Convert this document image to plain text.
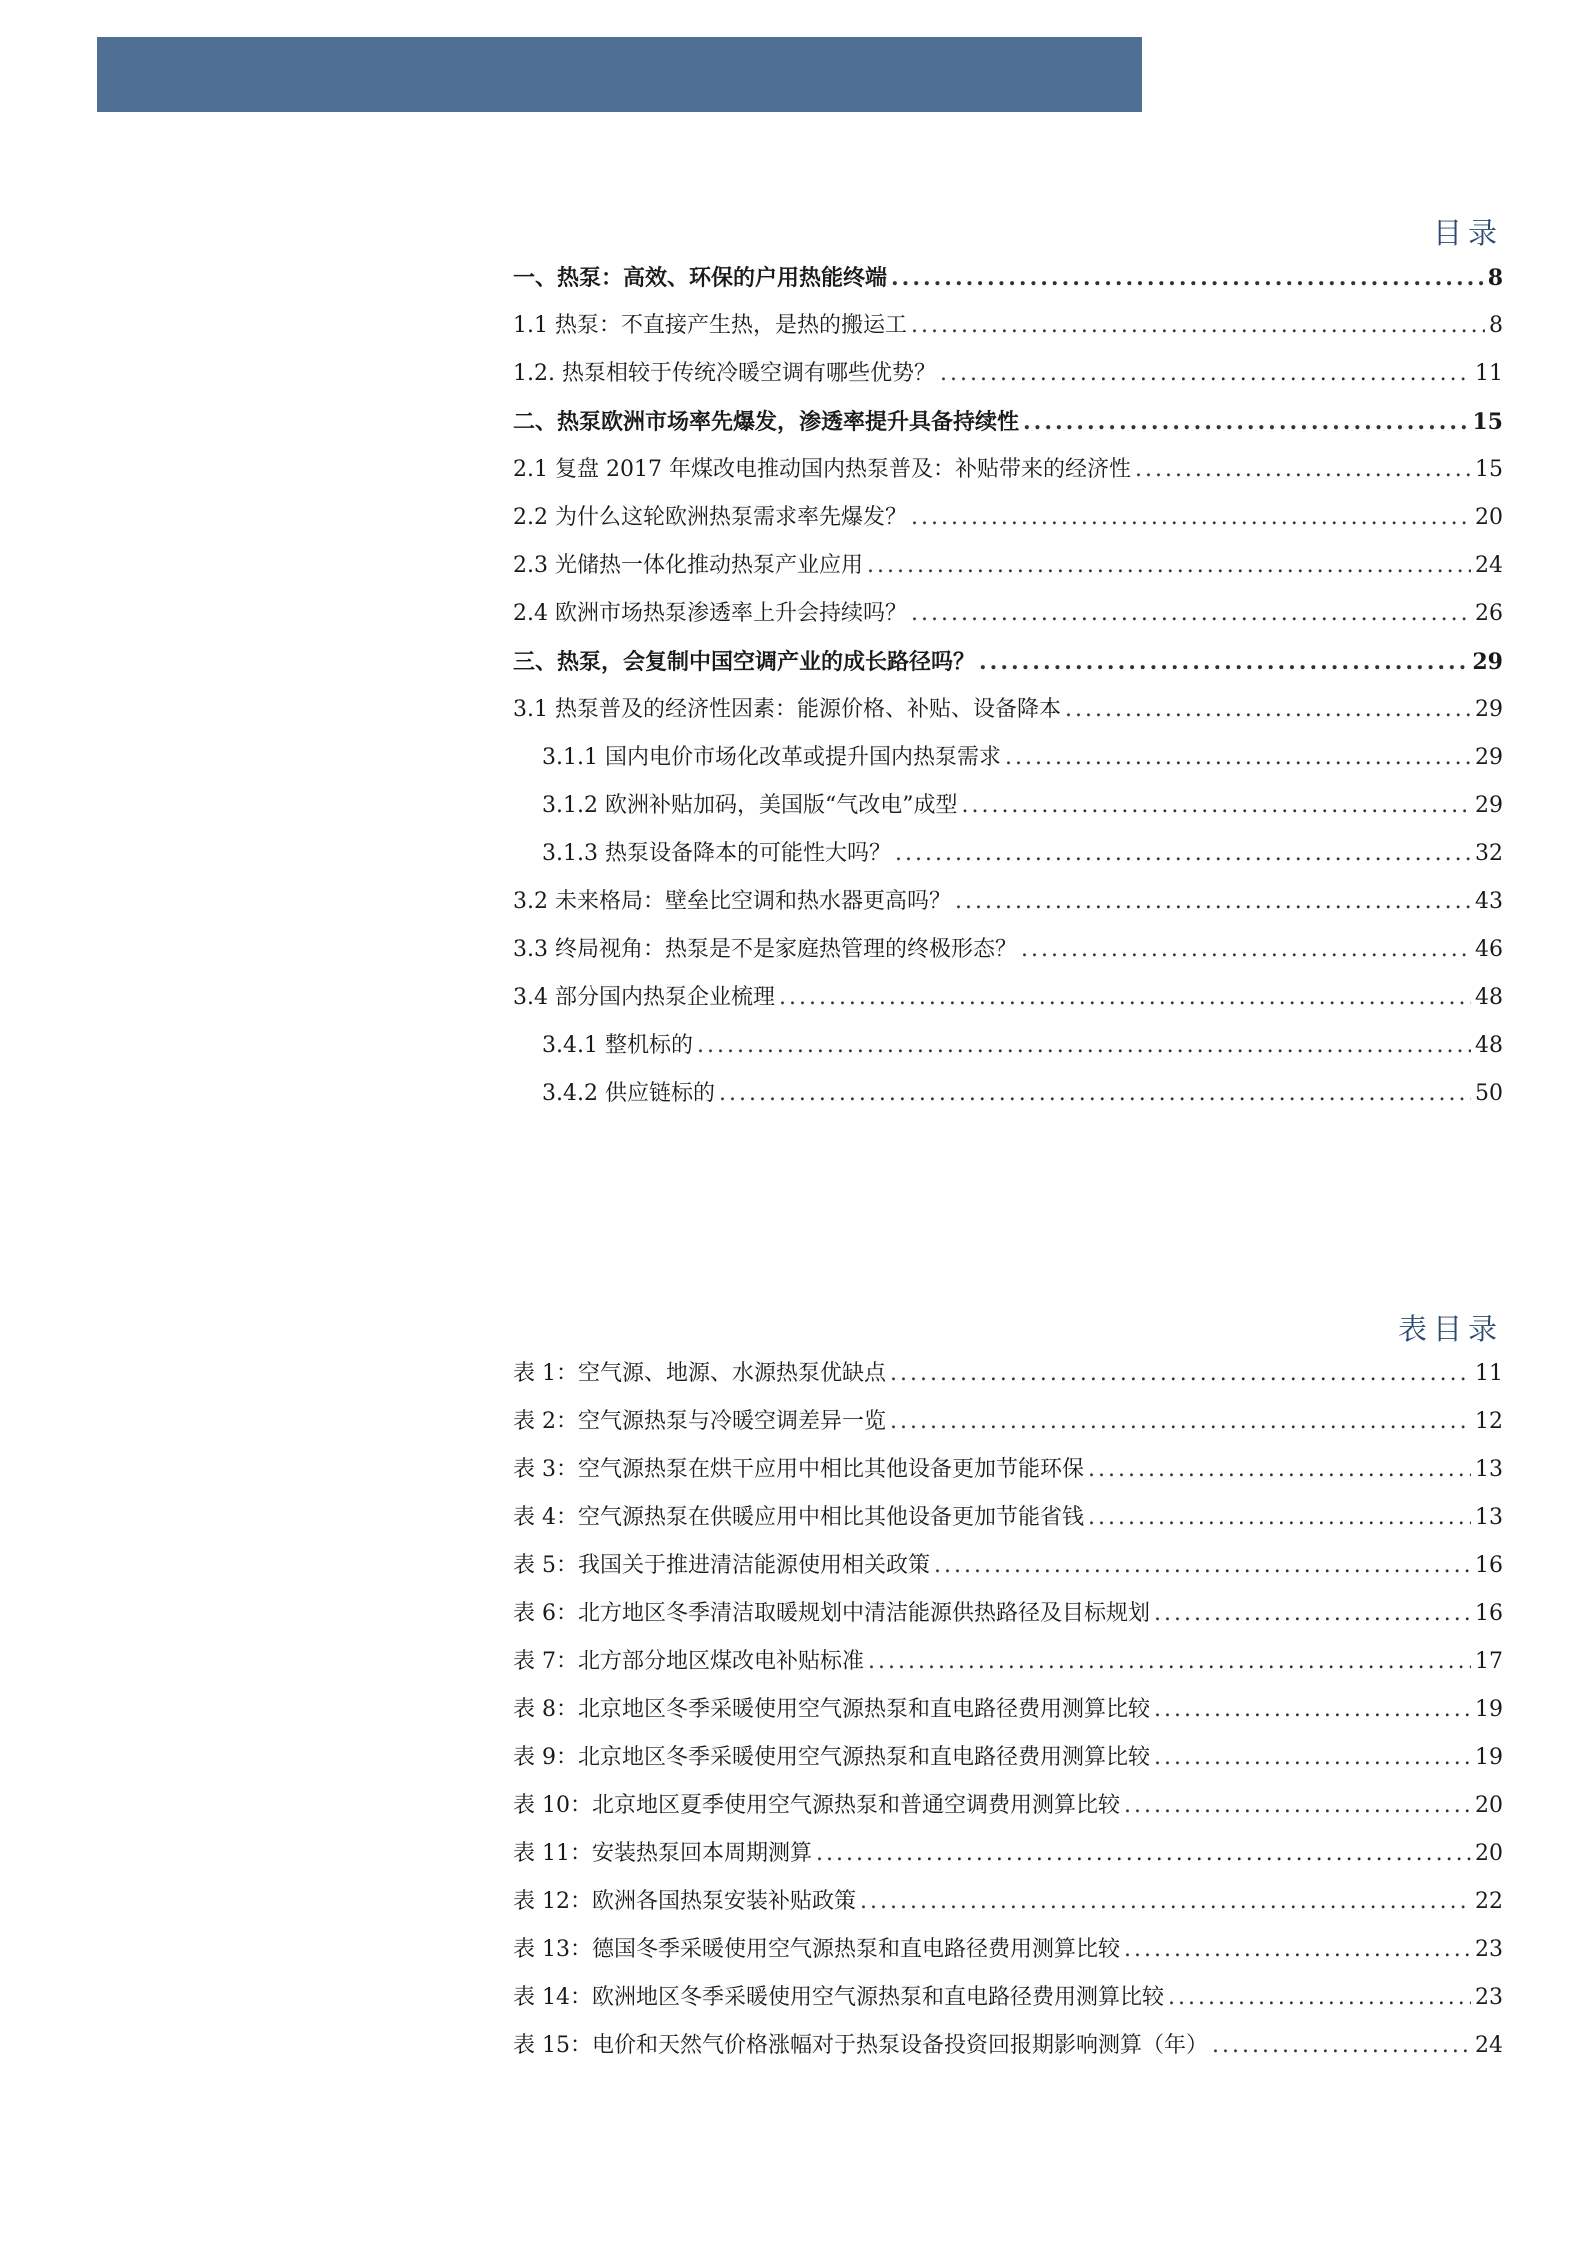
目录
一、热泵：高效、环保的户用热能终端 .....	8
1.1 热泵：不直接产生热，是热的搬运工 .....	8
1.2. 热泵相较于传统冷暖空调有哪些优势？ .....	11
二、热泵欧洲市场率先爆发，渗透率提升具备持续性 .....	15
2.1 复盘 2017 年煤改电推动国内热泵普及：补贴带来的经济性 .....	15
2.2 为什么这轮欧洲热泵需求率先爆发？ .....	20
2.3 光储热一体化推动热泵产业应用 .....	24
2.4 欧洲市场热泵渗透率上升会持续吗？ .....	26
三、热泵，会复制中国空调产业的成长路径吗？ .....	29
3.1 热泵普及的经济性因素：能源价格、补贴、设备降本 .....	29
3.1.1 国内电价市场化改革或提升国内热泵需求 .....	29
3.1.2 欧洲补贴加码，美国版“气改电”成型 .....	29
3.1.3 热泵设备降本的可能性大吗？ .....	32
3.2 未来格局：壁垒比空调和热水器更高吗？ .....	43
3.3 终局视角：热泵是不是家庭热管理的终极形态？ .....	46
3.4 部分国内热泵企业梳理 .....	48
3.4.1 整机标的 .....	48
3.4.2 供应链标的 .....	50
表目录
表 1：空气源、地源、水源热泵优缺点 .....	11
表 2：空气源热泵与冷暖空调差异一览 .....	12
表 3：空气源热泵在烘干应用中相比其他设备更加节能环保 .....	13
表 4：空气源热泵在供暖应用中相比其他设备更加节能省钱 .....	13
表 5：我国关于推进清洁能源使用相关政策 .....	16
表 6：北方地区冬季清洁取暖规划中清洁能源供热路径及目标规划 .....	16
表 7：北方部分地区煤改电补贴标准 .....	17
表 8：北京地区冬季采暖使用空气源热泵和直电路径费用测算比较 .....	19
表 9：北京地区冬季采暖使用空气源热泵和直电路径费用测算比较 .....	19
表 10：北京地区夏季使用空气源热泵和普通空调费用测算比较 .....	20
表 11：安装热泵回本周期测算 .....	20
表 12：欧洲各国热泵安装补贴政策 .....	22
表 13：德国冬季采暖使用空气源热泵和直电路径费用测算比较 .....	23
表 14：欧洲地区冬季采暖使用空气源热泵和直电路径费用测算比较 .....	23
表 15：电价和天然气价格涨幅对于热泵设备投资回报期影响测算（年） .....	24
